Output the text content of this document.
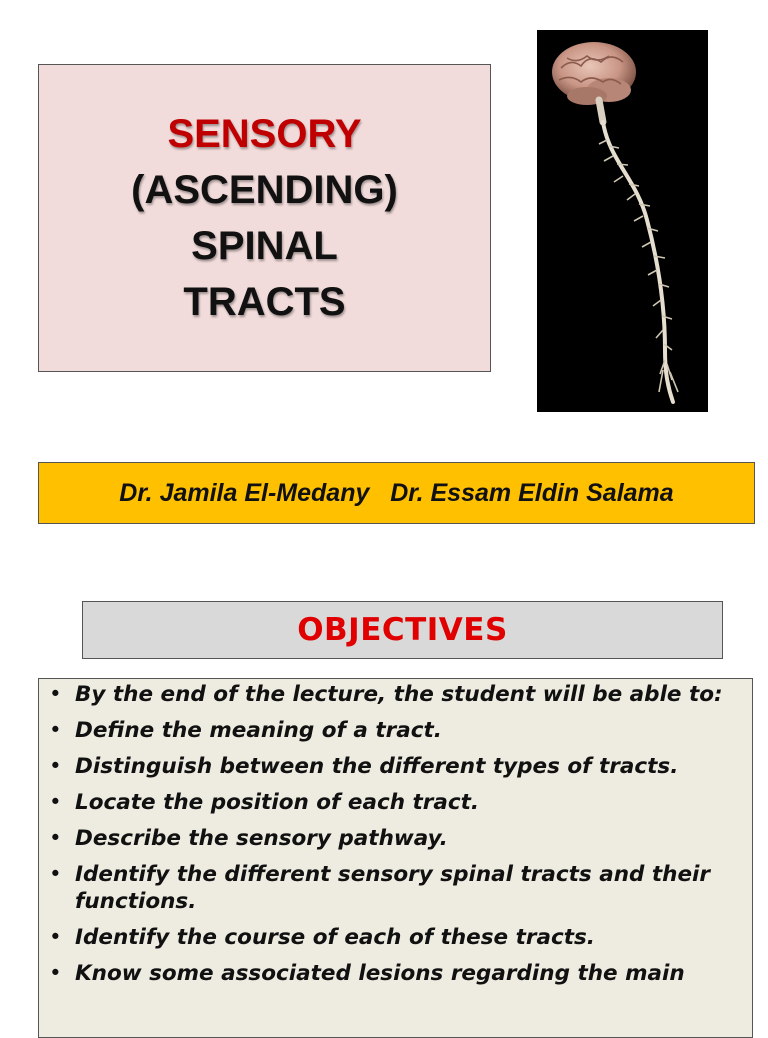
SENSORY
(ASCENDING)
SPINAL
TRACTS
Dr. Jamila El-Medany   Dr. Essam Eldin Salama
OBJECTIVES
• By the end of the lecture, the student will be able to:
• Define the meaning of a tract.
• Distinguish between the different types of tracts.
• Locate the position of each tract.
• Describe the sensory pathway.
• Identify the different sensory spinal tracts and their functions.
• Identify the course of each of these tracts.
• Know some associated lesions regarding the main
